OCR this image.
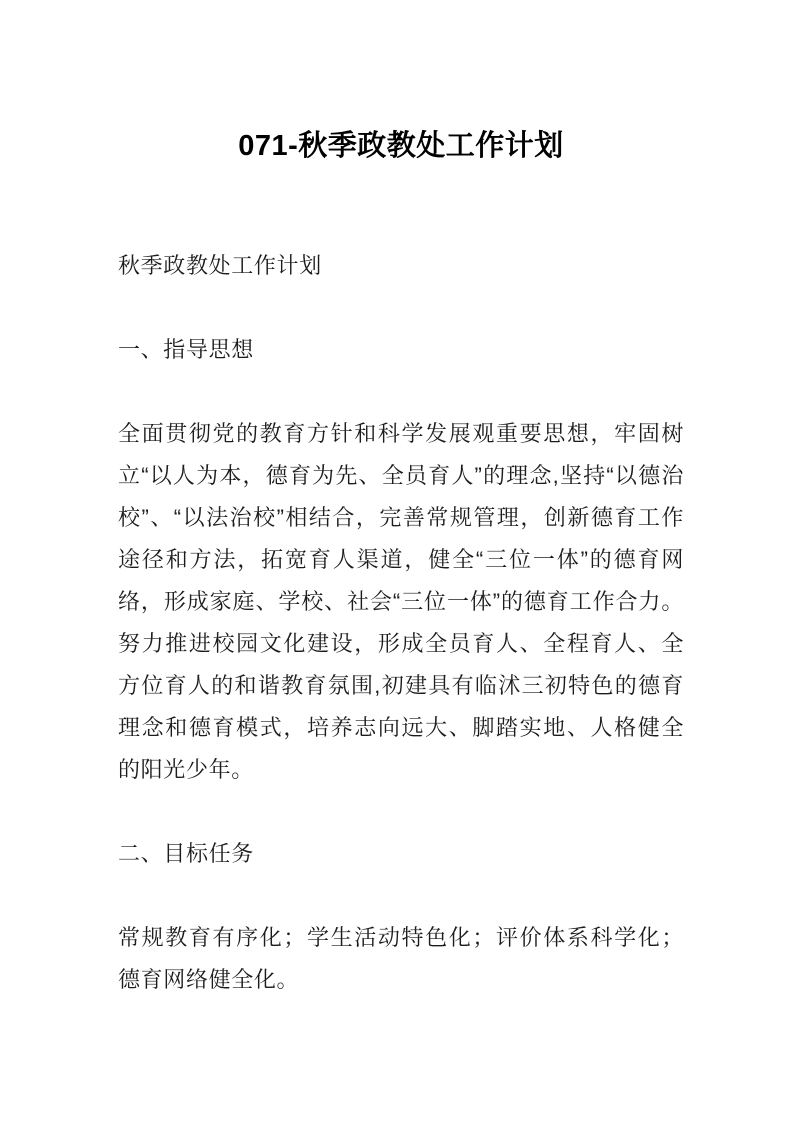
071-秋季政教处工作计划

秋季政教处工作计划

一、指导思想

全面贯彻党的教育方针和科学发展观重要思想，牢固树立“以人为本，德育为先、全员育人”的理念,坚持“以德治校”、“以法治校”相结合，完善常规管理，创新德育工作途径和方法，拓宽育人渠道，健全“三位一体”的德育网络，形成家庭、学校、社会“三位一体”的德育工作合力。努力推进校园文化建设，形成全员育人、全程育人、全方位育人的和谐教育氛围,初建具有临沭三初特色的德育理念和德育模式，培养志向远大、脚踏实地、人格健全的阳光少年。

二、目标任务

常规教育有序化；学生活动特色化；评价体系科学化；德育网络健全化。
